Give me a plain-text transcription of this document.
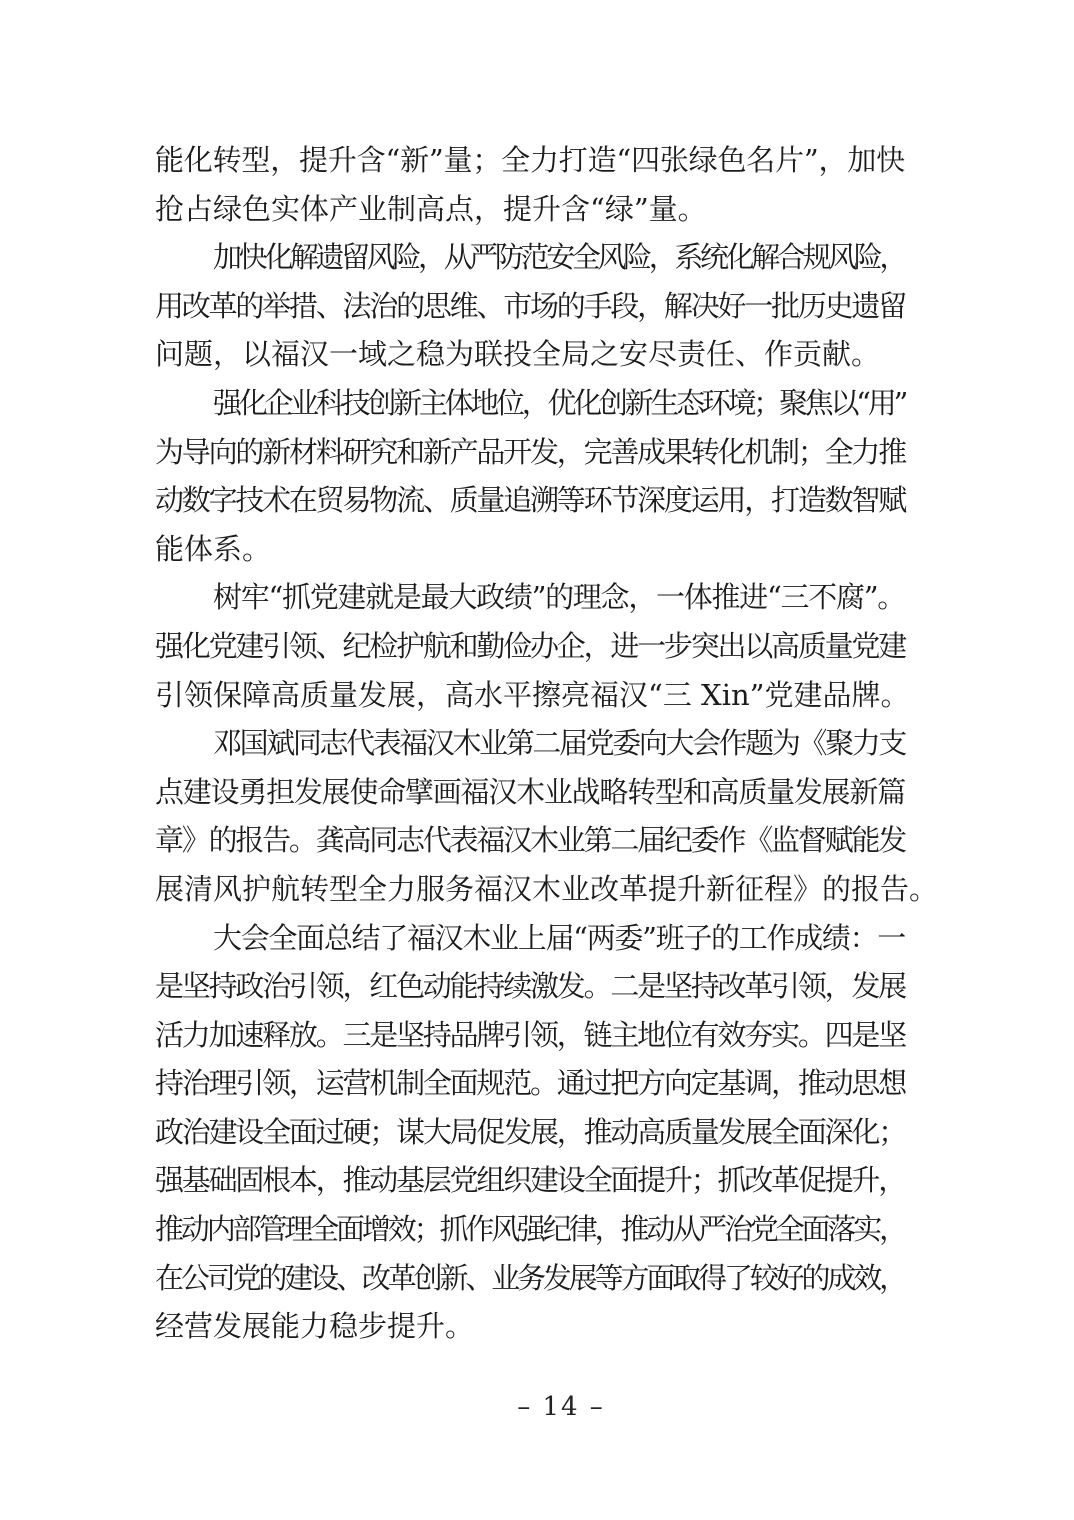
能化转型，提升含“新”量；全力打造“四张绿色名片”，加快
抢占绿色实体产业制高点，提升含“绿”量。
加快化解遗留风险，从严防范安全风险，系统化解合规风险，
用改革的举措、法治的思维、市场的手段，解决好一批历史遗留
问题，以福汉一域之稳为联投全局之安尽责任、作贡献。
强化企业科技创新主体地位，优化创新生态环境；聚焦以“用”
为导向的新材料研究和新产品开发，完善成果转化机制；全力推
动数字技术在贸易物流、质量追溯等环节深度运用，打造数智赋
能体系。
树牢“抓党建就是最大政绩”的理念，一体推进“三不腐”。
强化党建引领、纪检护航和勤俭办企，进一步突出以高质量党建
引领保障高质量发展，高水平擦亮福汉“三 Xin”党建品牌。
邓国斌同志代表福汉木业第二届党委向大会作题为《聚力支
点建设勇担发展使命擘画福汉木业战略转型和高质量发展新篇
章》的报告。龚高同志代表福汉木业第二届纪委作《监督赋能发
展清风护航转型全力服务福汉木业改革提升新征程》的报告。
大会全面总结了福汉木业上届“两委”班子的工作成绩：一
是坚持政治引领，红色动能持续激发。二是坚持改革引领，发展
活力加速释放。三是坚持品牌引领，链主地位有效夯实。四是坚
持治理引领，运营机制全面规范。通过把方向定基调，推动思想
政治建设全面过硬；谋大局促发展，推动高质量发展全面深化；
强基础固根本，推动基层党组织建设全面提升；抓改革促提升，
推动内部管理全面增效；抓作风强纪律，推动从严治党全面落实，
在公司党的建设、改革创新、业务发展等方面取得了较好的成效，
经营发展能力稳步提升。
– 14 –
